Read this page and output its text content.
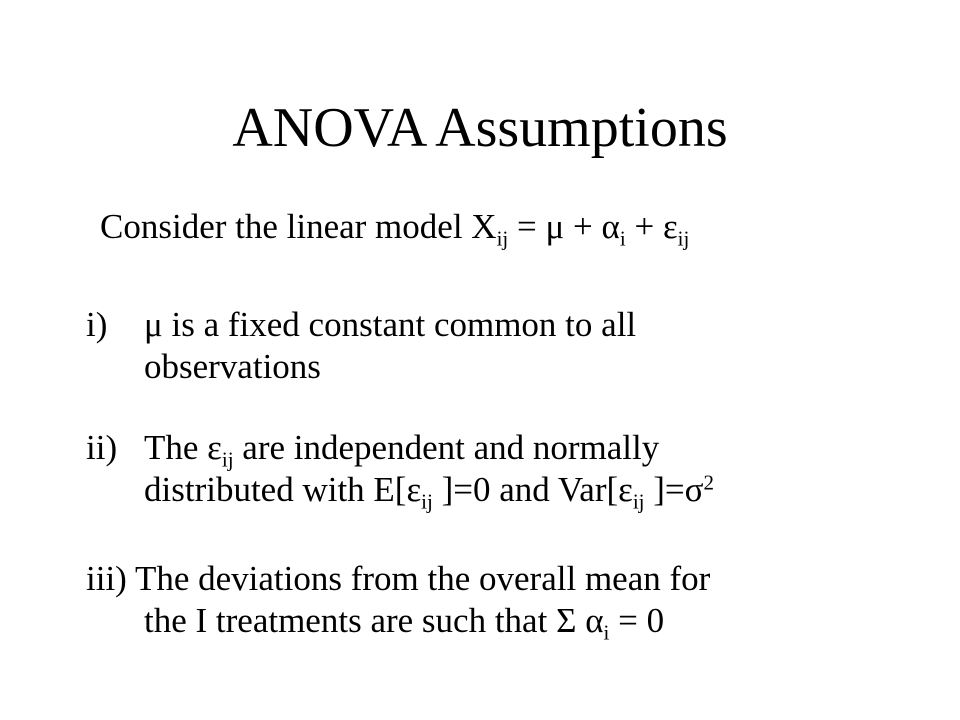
ANOVA Assumptions
Consider the linear model $X_{ij} = \mu + \alpha_i + \varepsilon_{ij}$
i) μ is a fixed constant common to all
observations
ii) The $\varepsilon_{ij}$ are independent and normally
distributed with $E[\varepsilon_{ij}$ ]=0 and $Var[\varepsilon_{ij}$ ]$=\sigma^2$
iii) The deviations from the overall mean for
the I treatments are such that Σ $\alpha_i = 0$
